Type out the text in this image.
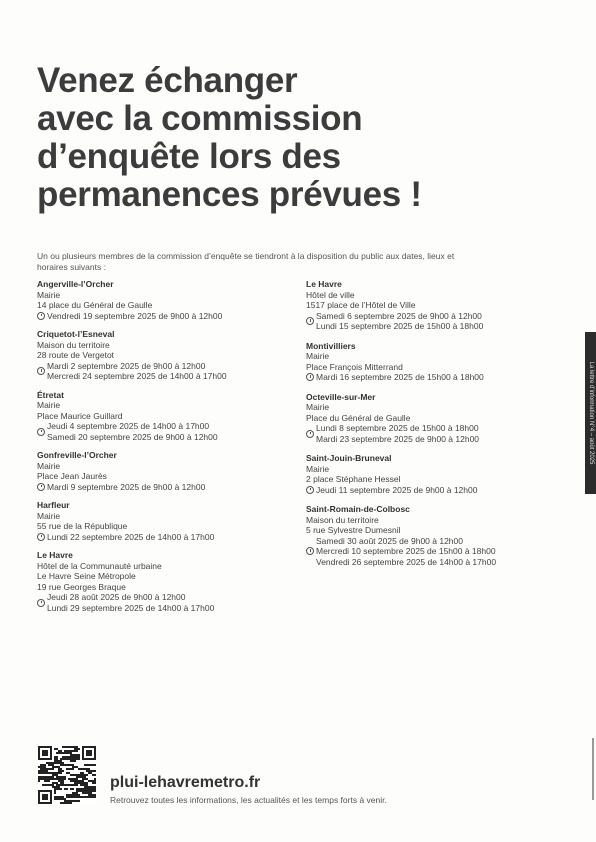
Venez échanger
avec la commission
d’enquête lors des
permanences prévues !
Un ou plusieurs membres de la commission d’enquête se tiendront à la disposition du public aux dates, lieux et horaires suivants :
Angerville-l’Orcher
Mairie
14 place du Général de Gaulle
Vendredi 19 septembre 2025 de 9h00 à 12h00
Criquetot-l’Esneval
Maison du territoire
28 route de Vergetot
Mardi 2 septembre 2025 de 9h00 à 12h00
Mercredi 24 septembre 2025 de 14h00 à 17h00
Étretat
Mairie
Place Maurice Guillard
Jeudi 4 septembre 2025 de 14h00 à 17h00
Samedi 20 septembre 2025 de 9h00 à 12h00
Gonfreville-l’Orcher
Mairie
Place Jean Jaurès
Mardi 9 septembre 2025 de 9h00 à 12h00
Harfleur
Mairie
55 rue de la République
Lundi 22 septembre 2025 de 14h00 à 17h00
Le Havre
Hôtel de la Communauté urbaine
Le Havre Seine Métropole
19 rue Georges Braque
Jeudi 28 août 2025 de 9h00 à 12h00
Lundi 29 septembre 2025 de 14h00 à 17h00
Le Havre
Hôtel de ville
1517 place de l’Hôtel de Ville
Samedi 6 septembre 2025 de 9h00 à 12h00
Lundi 15 septembre 2025 de 15h00 à 18h00
Montivilliers
Mairie
Place François Mitterrand
Mardi 16 septembre 2025 de 15h00 à 18h00
Octeville-sur-Mer
Mairie
Place du Général de Gaulle
Lundi 8 septembre 2025 de 15h00 à 18h00
Mardi 23 septembre 2025 de 9h00 à 12h00
Saint-Jouin-Bruneval
Mairie
2 place Stéphane Hessel
Jeudi 11 septembre 2025 de 9h00 à 12h00
Saint-Romain-de-Colbosc
Maison du territoire
5 rue Sylvestre Dumesnil
Samedi 30 août 2025 de 9h00 à 12h00
Mercredi 10 septembre 2025 de 15h00 à 18h00
Vendredi 26 septembre 2025 de 14h00 à 17h00
La lettre d’information N°4 – août 2025
plui-lehavremetro.fr
Retrouvez toutes les informations, les actualités et les temps forts à venir.
